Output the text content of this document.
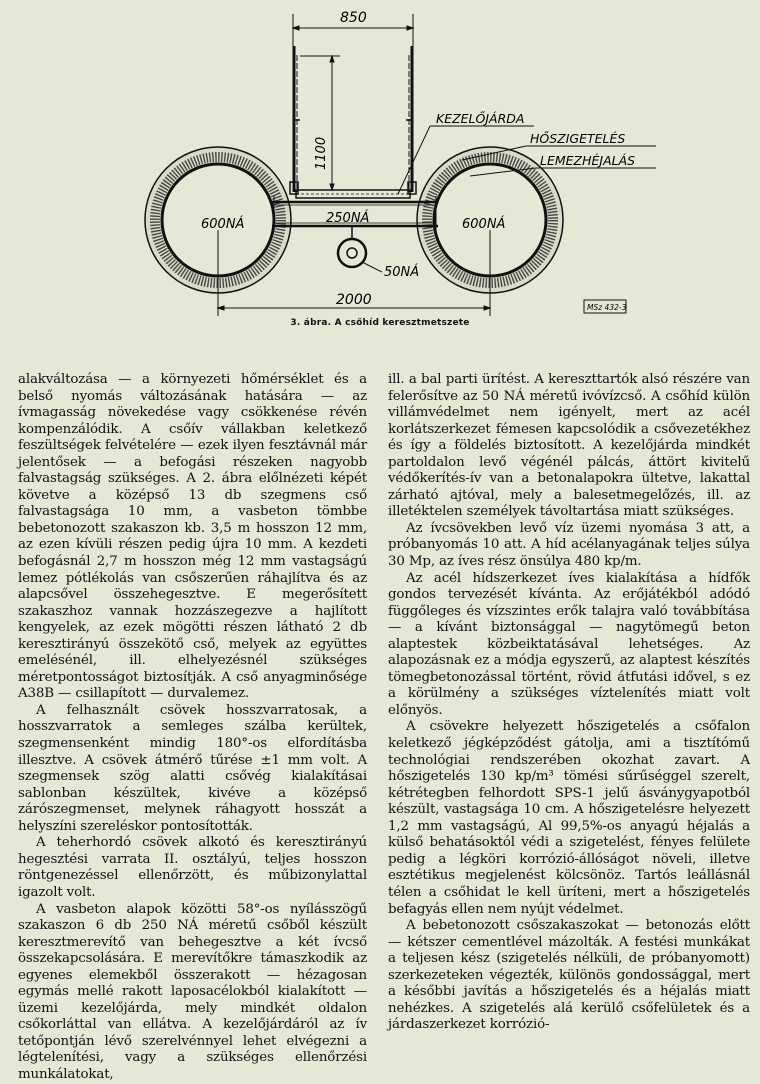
850
1100
600NÁ	600NÁ
250NÁ
50NÁ
KEZELŐJÁRDA
HŐSZIGETELÉS
LEMEZHÉJALÁS
2000	MSz 432-3
3. ábra. A csőhíd keresztmetszete

alakváltozása — a környezeti hőmérséklet és a belső nyomás változásának hatására — az ívmagasság növekedése vagy csökkenése révén kompenzálódik. A csőív vállakban keletkező feszültségek felvételére — ezek ilyen fesztávnál már jelentősek — a befogási részeken nagyobb falvastagság szükséges. A 2. ábra előlnézeti képét követve a középső 13 db szegmens cső falvastagsága 10 mm, a vasbeton tömbbe bebetonozott szakaszon kb. 3,5 m hosszon 12 mm, az ezen kívüli részen pedig újra 10 mm. A kezdeti befogásnál 2,7 m hosszon még 12 mm vastagságú lemez pótlékolás van csőszerűen ráhajlítva és az alapcsővel összehegesztve. E megerősített szakaszhoz vannak hozzászegezve a hajlított kengyelek, az ezek mögötti részen látható 2 db keresztirányú összekötő cső, melyek az együttes emelésénél, ill. elhelyezésnél szükséges méretpontosságot biztosítják. A cső anyagminősége A38B — csillapított — durvalemez.

A felhasznált csövek hosszvarratosak, a hosszvarratok a semleges szálba kerültek, szegmensenként mindig 180°-os elfordításba illesztve. A csövek átmérő tűrése ±1 mm volt. A szegmensek szög alatti csővég kialakításai sablonban készültek, kivéve a középső zárószegmenset, melynek ráhagyott hosszát a helyszíni szereléskor pontosították.

A teherhordó csövek alkotó és keresztirányú hegesztési varrata II. osztályú, teljes hosszon röntgenezéssel ellenőrzött, és műbizonylattal igazolt volt.

A vasbeton alapok közötti 58°-os nyílásszögű szakaszon 6 db 250 NÁ méretű csőből készült keresztmerevítő van behegesztve a két ívcső összekapcsolására. E merevítőkre támaszkodik az egyenes elemekből összerakott — hézagosan egymás mellé rakott laposacélokból kialakított — üzemi kezelőjárda, mely mindkét oldalon csőkorláttal van ellátva. A kezelőjárdáról az ív tetőpontján lévő szerelvénnyel lehet elvégezni a légtelenítési, vagy a szükséges ellenőrzési munkálatokat,

ill. a bal parti ürítést. A kereszttartók alsó részére van felerősítve az 50 NÁ méretű ivóvízcső. A csőhíd külön villámvédelmet nem igényelt, mert az acél korlátszerkezet fémesen kapcsolódik a csővezetékhez és így a földelés biztosított. A kezelőjárda mindkét partoldalon levő végénél pálcás, áttört kivitelű védőkerítés-ív van a betonalapokra ültetve, lakattal zárható ajtóval, mely a balesetmegelőzés, ill. az illetéktelen személyek távoltartása miatt szükséges.

Az ívcsövekben levő víz üzemi nyomása 3 att, a próbanyomás 10 att. A híd acélanyagának teljes súlya 30 Mp, az íves rész önsúlya 480 kp/m.

Az acél hídszerkezet íves kialakítása a hídfők gondos tervezését kívánta. Az erőjátékból adódó függőleges és vízszintes erők talajra való továbbítása — a kívánt biztonsággal — nagytömegű beton alaptestek közbeiktatásával lehetséges. Az alapozásnak ez a módja egyszerű, az alaptest készítés tömegbetonozással történt, rövid átfutási idővel, s ez a körülmény a szükséges víztelenítés miatt volt előnyös.

A csövekre helyezett hőszigetelés a csőfalon keletkező jégképződést gátolja, ami a tisztítómű technológiai rendszerében okozhat zavart. A hőszigetelés 130 kp/m³ tömési sűrűséggel szerelt, kétrétegben felhordott SPS-1 jelű ásványgyapotból készült, vastagsága 10 cm. A hőszigetelésre helyezett 1,2 mm vastagságú, Al 99,5%-os anyagú héjalás a külső behatásoktól védi a szigetelést, fényes felülete pedig a légköri korrózió-állóságot növeli, illetve esztétikus megjelenést kölcsönöz. Tartós leállásnál télen a csőhidat le kell üríteni, mert a hőszigetelés befagyás ellen nem nyújt védelmet.

A bebetonozott csőszakaszokat — betonozás előtt — kétszer cementlével mázolták. A festési munkákat a teljesen kész (szigetelés nélküli, de próbanyomott) szerkezeteken végezték, különös gondossággal, mert a későbbi javítás a hőszigetelés és a héjalás miatt nehézkes. A szigetelés alá kerülő csőfelületek és a járdaszerkezet korrózió-
